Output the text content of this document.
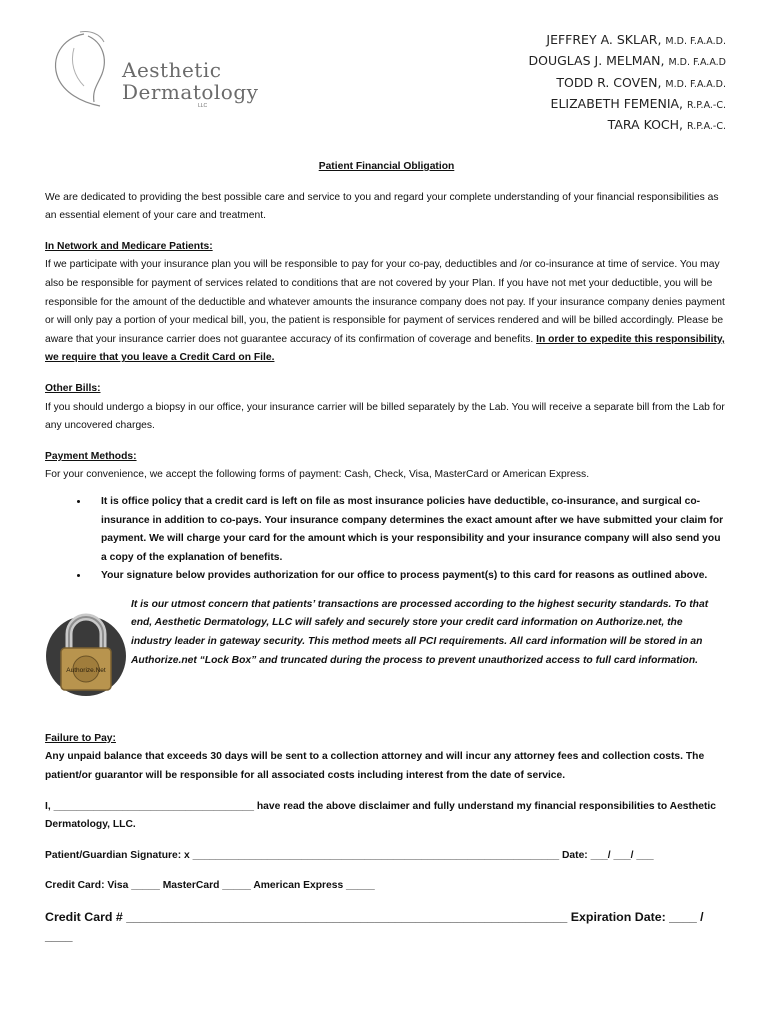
Aesthetic
Dermatology
LLC
JEFFREY A. SKLAR, M.D. F.A.A.D.
DOUGLAS J. MELMAN, M.D. F.A.A.D
TODD R. COVEN, M.D. F.A.A.D.
ELIZABETH FEMENIA, R.P.A.-C.
TARA KOCH, R.P.A.-C.

Patient Financial Obligation

We are dedicated to providing the best possible care and service to you and regard your complete understanding of your financial responsibilities as an essential element of your care and treatment.

In Network and Medicare Patients:

If we participate with your insurance plan you will be responsible to pay for your co-pay, deductibles and /or co-insurance at time of service. You may also be responsible for payment of services related to conditions that are not covered by your Plan. If you have not met your deductible, you will be responsible for the amount of the deductible and whatever amounts the insurance company does not pay. If your insurance company denies payment or will only pay a portion of your medical bill, you, the patient is responsible for payment of services rendered and will be billed accordingly. Please be aware that your insurance carrier does not guarantee accuracy of its confirmation of coverage and benefits. In order to expedite this responsibility, we require that you leave a Credit Card on File.

Other Bills:

If you should undergo a biopsy in our office, your insurance carrier will be billed separately by the Lab. You will receive a separate bill from the Lab for any uncovered charges.

Payment Methods:

For your convenience, we accept the following forms of payment: Cash, Check, Visa, MasterCard or American Express.

• It is office policy that a credit card is left on file as most insurance policies have deductible, co-insurance, and surgical co-insurance in addition to co-pays. Your insurance company determines the exact amount after we have submitted your claim for payment. We will charge your card for the amount which is your responsibility and your insurance company will also send you a copy of the explanation of benefits.
• Your signature below provides authorization for our office to process payment(s) to this card for reasons as outlined above.
Authorize.Net

It is our utmost concern that patients’ transactions are processed according to the highest security standards. To that end, Aesthetic Dermatology, LLC will safely and securely store your credit card information on Authorize.net, the industry leader in gateway security. This method meets all PCI requirements. All card information will be stored in an Authorize.net “Lock Box” and truncated during the process to prevent unauthorized access to full card information.

Failure to Pay:

Any unpaid balance that exceeds 30 days will be sent to a collection attorney and will incur any attorney fees and collection costs. The patient/or guarantor will be responsible for all associated costs including interest from the date of service.

I, ___________________________________ have read the above disclaimer and fully understand my financial responsibilities to Aesthetic Dermatology, LLC.

Patient/Guardian Signature: x ________________________________________________________________ Date: ___/ ___/ ___

Credit Card: Visa _____ MasterCard _____ American Express _____

Credit Card # ________________________________________________________________ Expiration Date: ____ / ____
